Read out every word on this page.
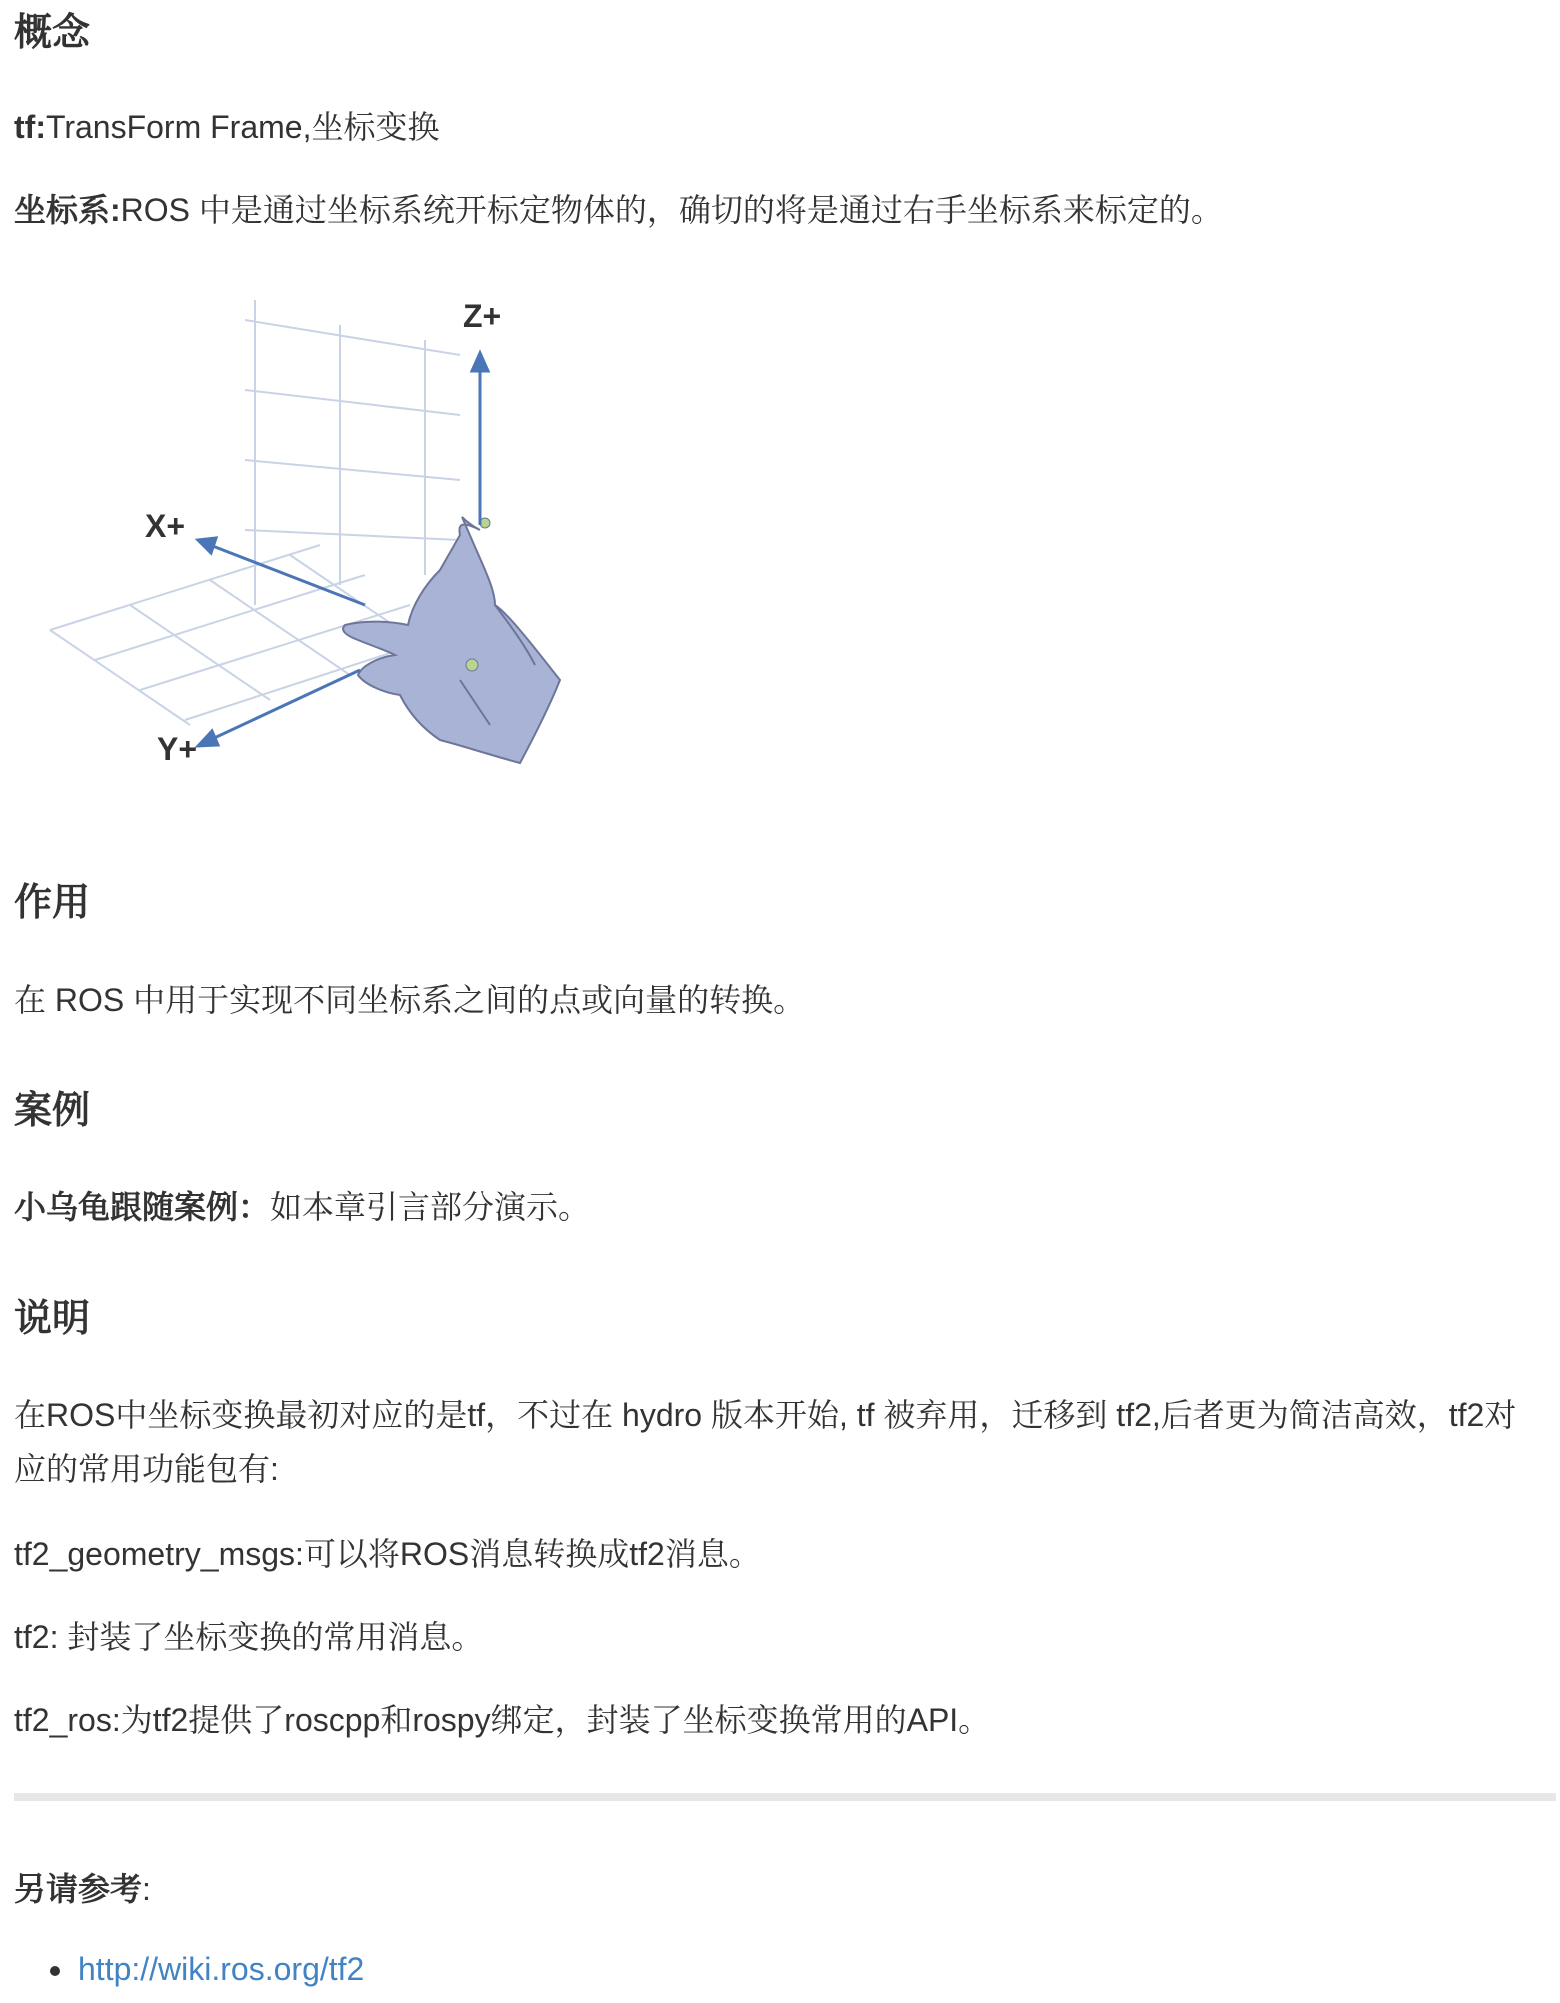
概念

tf:TransForm Frame,坐标变换

坐标系:ROS 中是通过坐标系统开标定物体的，确切的将是通过右手坐标系来标定的。

Z+
X+
Y+
作用

在 ROS 中用于实现不同坐标系之间的点或向量的转换。

案例

小乌龟跟随案例：如本章引言部分演示。

说明

在ROS中坐标变换最初对应的是tf，不过在 hydro 版本开始, tf 被弃用，迁移到 tf2,后者更为简洁高效，tf2对应的常用功能包有:

tf2_geometry_msgs:可以将ROS消息转换成tf2消息。

tf2: 封装了坐标变换的常用消息。

tf2_ros:为tf2提供了roscpp和rospy绑定，封装了坐标变换常用的API。

另请参考:

http://wiki.ros.org/tf2
